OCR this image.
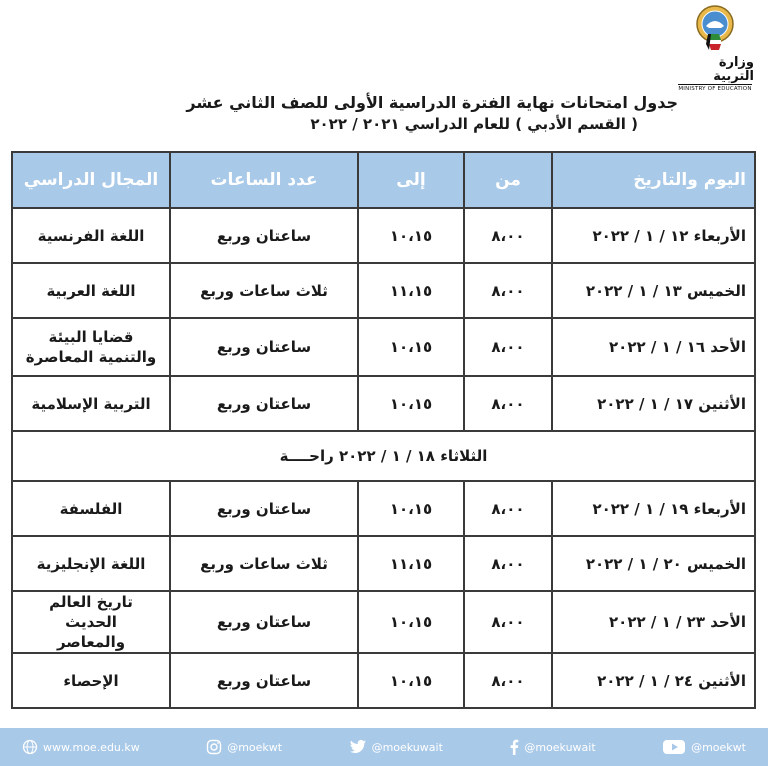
وزارة التربية
MINISTRY OF EDUCATION
جدول امتحانات نهاية الفترة الدراسية الأولى للصف الثاني عشر
( القسم الأدبي ) للعام الدراسي ٢٠٢١ / ٢٠٢٢
اليوم والتاريخ	من	إلى	عدد الساعات	المجال الدراسي
الأربعاء ١٢ / ١ / ٢٠٢٢	٨،٠٠	١٠،١٥	ساعتان وربع	اللغة الفرنسية
الخميس ١٣ / ١ / ٢٠٢٢	٨،٠٠	١١،١٥	ثلاث ساعات وربع	اللغة العربية
الأحد ١٦ / ١ / ٢٠٢٢	٨،٠٠	١٠،١٥	ساعتان وربع	قضايا البيئة
والتنمية المعاصرة

الأثنين ١٧ / ١ / ٢٠٢٢	٨،٠٠	١٠،١٥	ساعتان وربع	التربية الإسلامية
الثلاثاء ١٨ / ١ / ٢٠٢٢ راحــــة				
الأربعاء ١٩ / ١ / ٢٠٢٢	٨،٠٠	١٠،١٥	ساعتان وربع	الفلسفة
الخميس ٢٠ / ١ / ٢٠٢٢	٨،٠٠	١١،١٥	ثلاث ساعات وربع	اللغة الإنجليزية
الأحد ٢٣ / ١ / ٢٠٢٢	٨،٠٠	١٠،١٥	ساعتان وربع	تاريخ العالم الحديث
والمعاصر

الأثنين ٢٤ / ١ / ٢٠٢٢	٨،٠٠	١٠،١٥	ساعتان وربع	الإحصاء
www.moe.edu.kw	@moekwt	@moekuwait	@moekuwait	@moekwt
